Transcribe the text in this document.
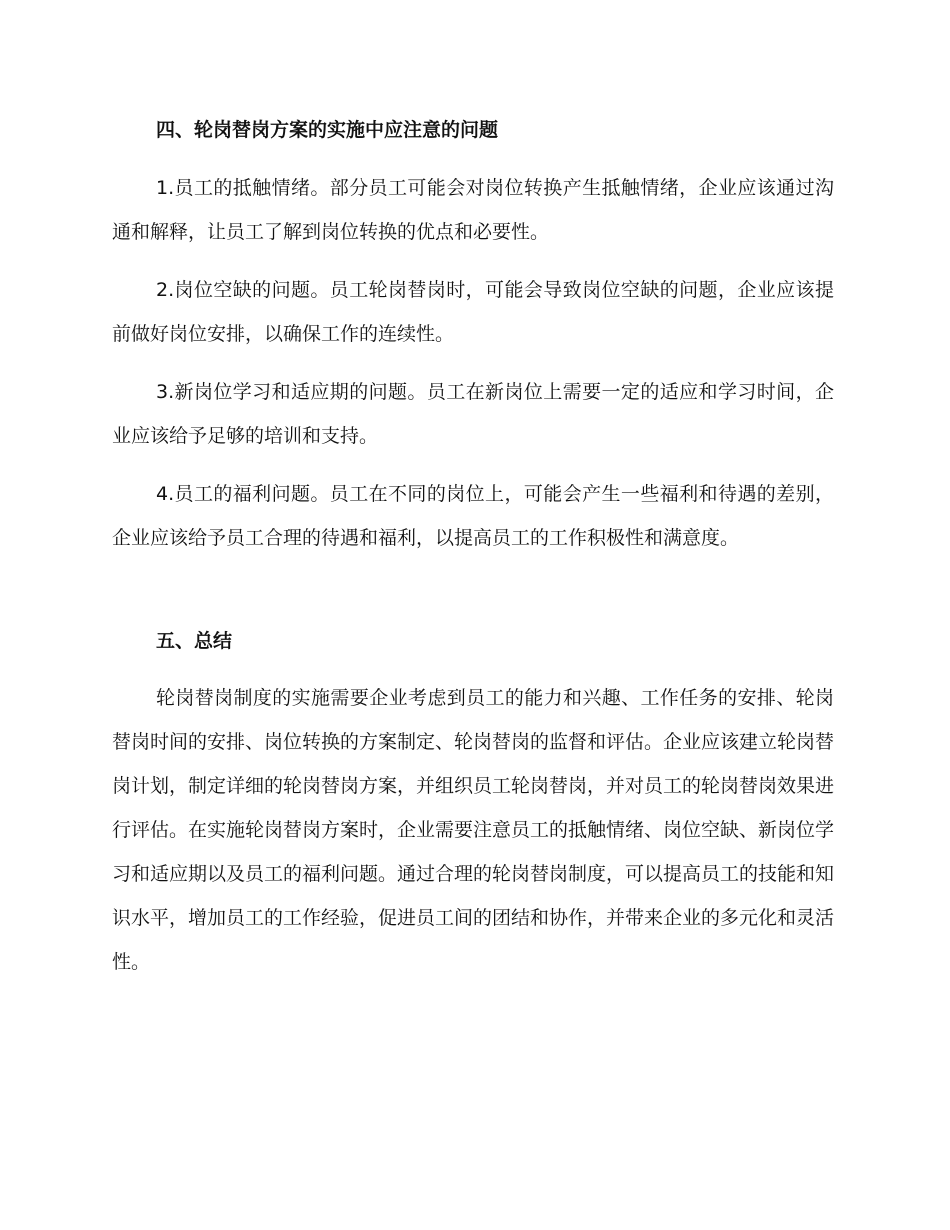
四、轮岗替岗方案的实施中应注意的问题

1.员工的抵触情绪。部分员工可能会对岗位转换产生抵触情绪，企业应该通过沟通和解释，让员工了解到岗位转换的优点和必要性。

2.岗位空缺的问题。员工轮岗替岗时，可能会导致岗位空缺的问题，企业应该提前做好岗位安排，以确保工作的连续性。

3.新岗位学习和适应期的问题。员工在新岗位上需要一定的适应和学习时间，企业应该给予足够的培训和支持。

4.员工的福利问题。员工在不同的岗位上，可能会产生一些福利和待遇的差别，企业应该给予员工合理的待遇和福利，以提高员工的工作积极性和满意度。

五、总结

轮岗替岗制度的实施需要企业考虑到员工的能力和兴趣、工作任务的安排、轮岗替岗时间的安排、岗位转换的方案制定、轮岗替岗的监督和评估。企业应该建立轮岗替岗计划，制定详细的轮岗替岗方案，并组织员工轮岗替岗，并对员工的轮岗替岗效果进行评估。在实施轮岗替岗方案时，企业需要注意员工的抵触情绪、岗位空缺、新岗位学习和适应期以及员工的福利问题。通过合理的轮岗替岗制度，可以提高员工的技能和知识水平，增加员工的工作经验，促进员工间的团结和协作，并带来企业的多元化和灵活性。
